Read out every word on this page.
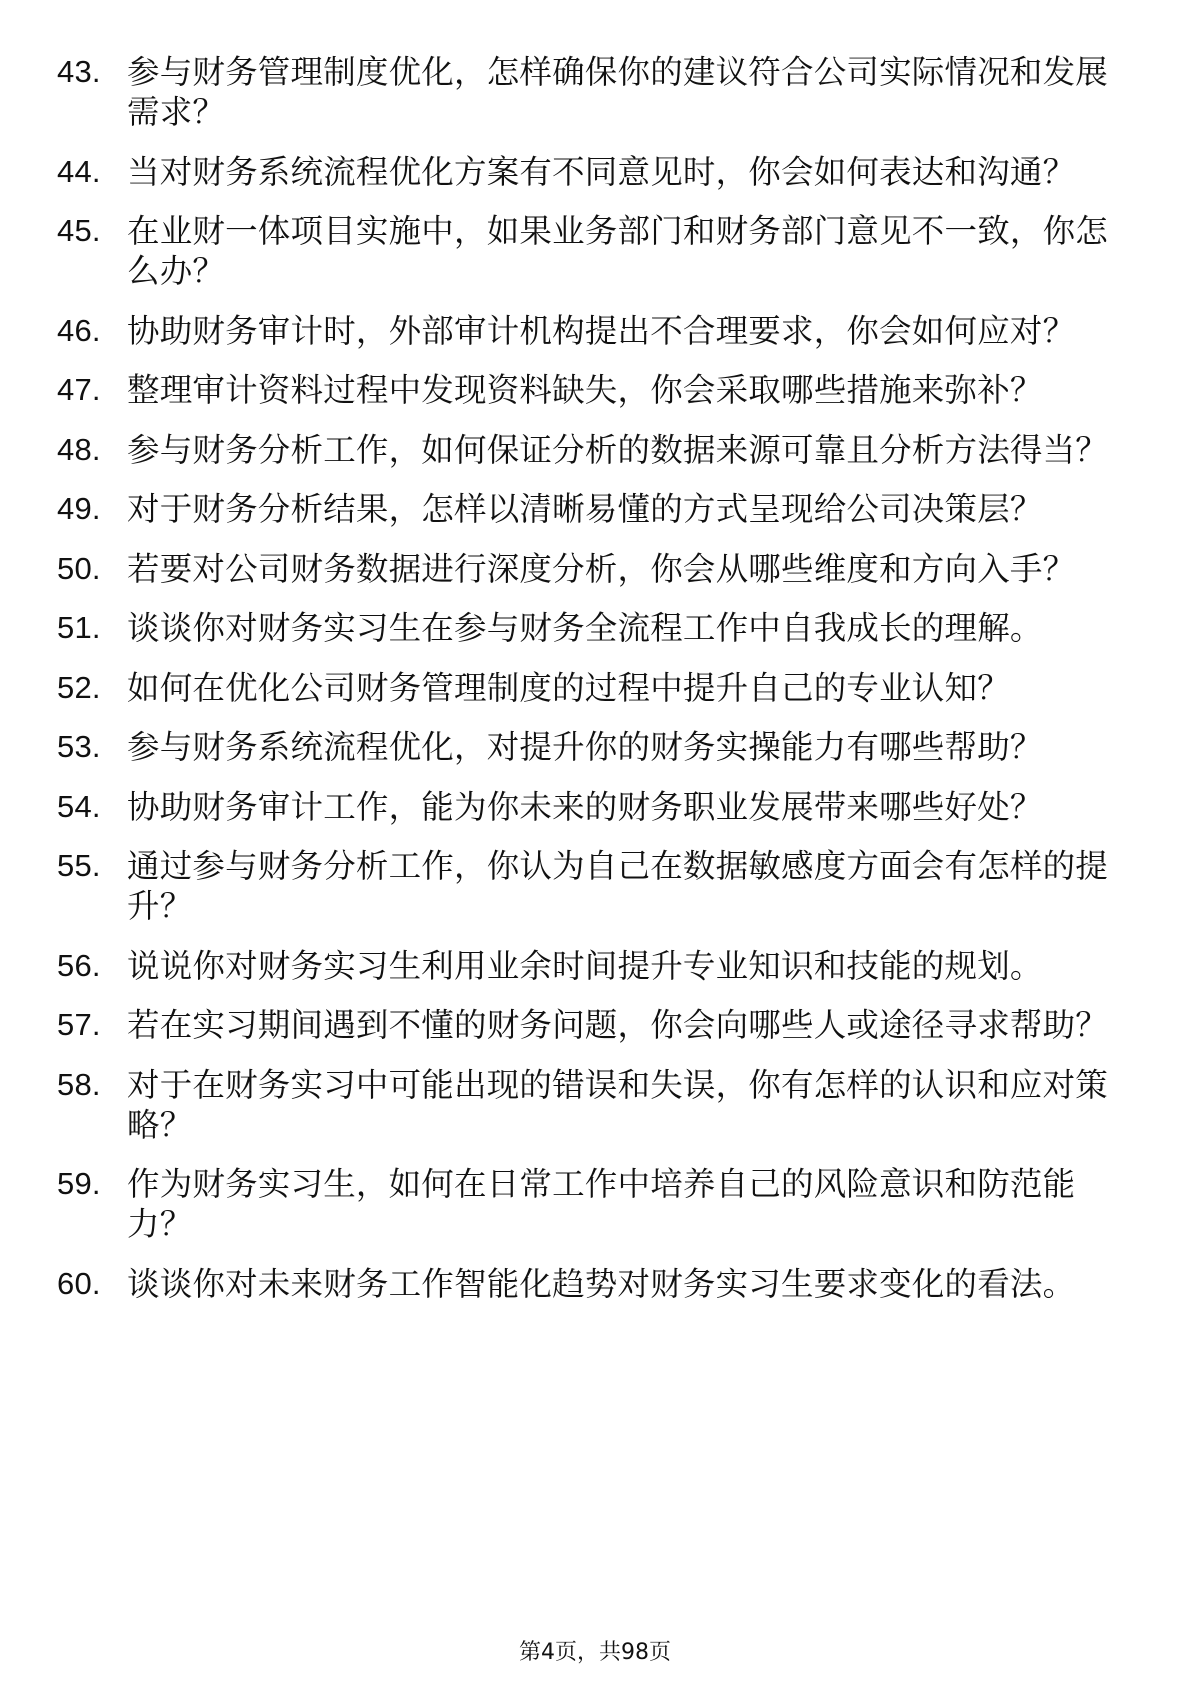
43. 参与财务管理制度优化，怎样确保你的建议符合公司实际情况和发展需求？
44. 当对财务系统流程优化方案有不同意见时，你会如何表达和沟通？
45. 在业财一体项目实施中，如果业务部门和财务部门意见不一致，你怎么办？
46. 协助财务审计时，外部审计机构提出不合理要求，你会如何应对？
47. 整理审计资料过程中发现资料缺失，你会采取哪些措施来弥补？
48. 参与财务分析工作，如何保证分析的数据来源可靠且分析方法得当？
49. 对于财务分析结果，怎样以清晰易懂的方式呈现给公司决策层？
50. 若要对公司财务数据进行深度分析，你会从哪些维度和方向入手？
51. 谈谈你对财务实习生在参与财务全流程工作中自我成长的理解。
52. 如何在优化公司财务管理制度的过程中提升自己的专业认知？
53. 参与财务系统流程优化，对提升你的财务实操能力有哪些帮助？
54. 协助财务审计工作，能为你未来的财务职业发展带来哪些好处？
55. 通过参与财务分析工作，你认为自己在数据敏感度方面会有怎样的提升？
56. 说说你对财务实习生利用业余时间提升专业知识和技能的规划。
57. 若在实习期间遇到不懂的财务问题，你会向哪些人或途径寻求帮助？
58. 对于在财务实习中可能出现的错误和失误，你有怎样的认识和应对策略？
59. 作为财务实习生，如何在日常工作中培养自己的风险意识和防范能力？
60. 谈谈你对未来财务工作智能化趋势对财务实习生要求变化的看法。
第4页，共98页
